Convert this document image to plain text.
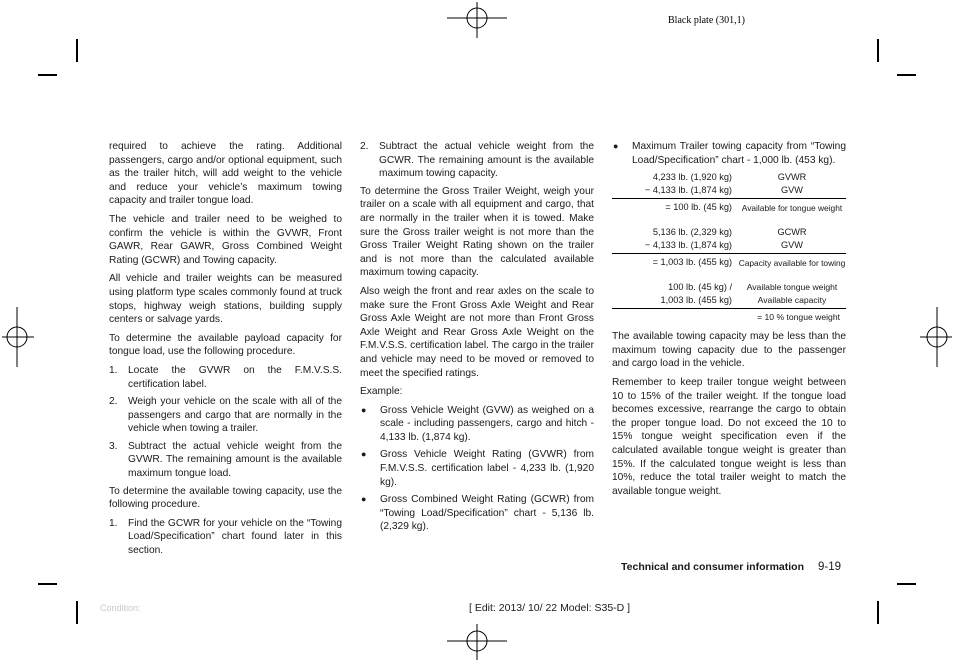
Black plate (301,1)

required to achieve the rating. Additional passengers, cargo and/or optional equipment, such as the trailer hitch, will add weight to the vehicle and reduce your vehicle’s maximum towing capacity and trailer tongue load.

The vehicle and trailer need to be weighed to confirm the vehicle is within the GVWR, Front GAWR, Rear GAWR, Gross Combined Weight Rating (GCWR) and Towing capacity.

All vehicle and trailer weights can be measured using platform type scales commonly found at truck stops, highway weigh stations, building supply centers or salvage yards.

To determine the available payload capacity for tongue load, use the following procedure.

1. Locate the GVWR on the F.M.V.S.S. certification label.
2. Weigh your vehicle on the scale with all of the passengers and cargo that are normally in the vehicle when towing a trailer.
3. Subtract the actual vehicle weight from the GVWR. The remaining amount is the available maximum tongue load.

To determine the available towing capacity, use the following procedure.

1. Find the GCWR for your vehicle on the “Towing Load/Specification” chart found later in this section.
2. Subtract the actual vehicle weight from the GCWR. The remaining amount is the available maximum towing capacity.

To determine the Gross Trailer Weight, weigh your trailer on a scale with all equipment and cargo, that are normally in the trailer when it is towed. Make sure the Gross trailer weight is not more than the Gross Trailer Weight Rating shown on the trailer and is not more than the calculated available maximum towing capacity.

Also weigh the front and rear axles on the scale to make sure the Front Gross Axle Weight and Rear Gross Axle Weight are not more than Front Gross Axle Weight and Rear Gross Axle Weight on the F.M.V.S.S. certification label. The cargo in the trailer and vehicle may need to be moved or removed to meet the specified ratings.

Example:

● Gross Vehicle Weight (GVW) as weighed on a scale - including passengers, cargo and hitch - 4,133 lb. (1,874 kg).
● Gross Vehicle Weight Rating (GVWR) from F.M.V.S.S. certification label - 4,233 lb. (1,920 kg).
● Gross Combined Weight Rating (GCWR) from “Towing Load/Specification” chart - 5,136 lb. (2,329 kg).
● Maximum Trailer towing capacity from “Towing Load/Specification” chart - 1,000 lb. (453 kg).
4,233 lb. (1,920 kg)	GVWR
− 4,133 lb. (1,874 kg)	GVW
= 100 lb. (45 kg)	Available for tongue weight
5,136 lb. (2,329 kg)	GCWR
− 4,133 lb. (1,874 kg)	GVW
= 1,003 lb. (455 kg) Capacity available for towing
100 lb. (45 kg) /	Available tongue weight
1,003 lb. (455 kg)	Available capacity
= 10 % tongue weight

The available towing capacity may be less than the maximum towing capacity due to the passenger and cargo load in the vehicle.

Remember to keep trailer tongue weight between 10 to 15% of the trailer weight. If the tongue load becomes excessive, rearrange the cargo to obtain the proper tongue load. Do not exceed the 10 to 15% tongue weight specification even if the calculated available tongue weight is greater than 15%. If the calculated tongue weight is less than 10%, reduce the total trailer weight to match the available tongue weight.

Technical and consumer information 9-19
Condition:	[ Edit: 2013/ 10/ 22 Model: S35-D ]
